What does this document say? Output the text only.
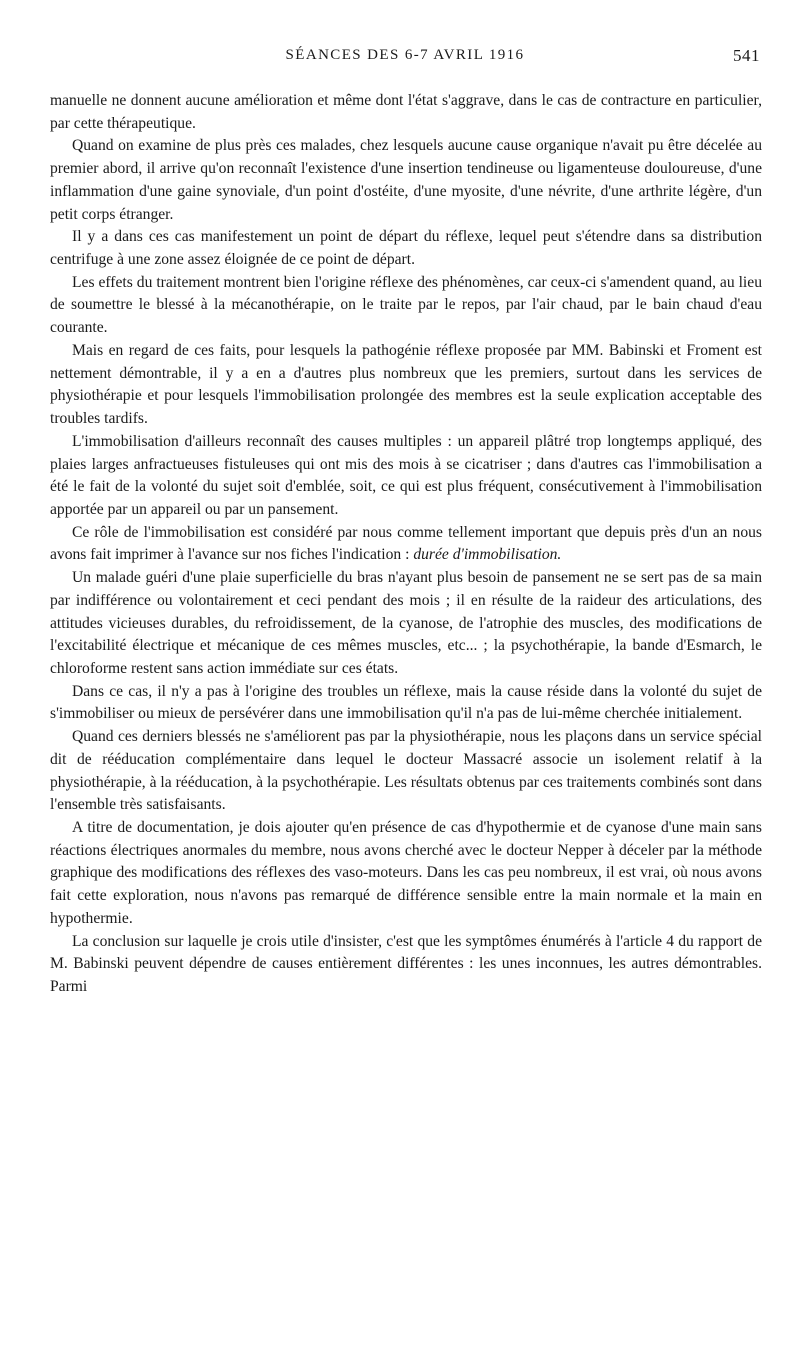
SÉANCES DES 6-7 AVRIL 1916	541

manuelle ne donnent aucune amélioration et même dont l'état s'aggrave, dans le cas de contracture en particulier, par cette thérapeutique.

Quand on examine de plus près ces malades, chez lesquels aucune cause organique n'avait pu être décelée au premier abord, il arrive qu'on reconnaît l'existence d'une insertion tendineuse ou ligamenteuse douloureuse, d'une inflammation d'une gaine synoviale, d'un point d'ostéite, d'une myosite, d'une névrite, d'une arthrite légère, d'un petit corps étranger.

Il y a dans ces cas manifestement un point de départ du réflexe, lequel peut s'étendre dans sa distribution centrifuge à une zone assez éloignée de ce point de départ.

Les effets du traitement montrent bien l'origine réflexe des phénomènes, car ceux-ci s'amendent quand, au lieu de soumettre le blessé à la mécanothérapie, on le traite par le repos, par l'air chaud, par le bain chaud d'eau courante.

Mais en regard de ces faits, pour lesquels la pathogénie réflexe proposée par MM. Babinski et Froment est nettement démontrable, il y a en a d'autres plus nombreux que les premiers, surtout dans les services de physiothérapie et pour lesquels l'immobilisation prolongée des membres est la seule explication acceptable des troubles tardifs.

L'immobilisation d'ailleurs reconnaît des causes multiples : un appareil plâtré trop longtemps appliqué, des plaies larges anfractueuses fistuleuses qui ont mis des mois à se cicatriser ; dans d'autres cas l'immobilisation a été le fait de la volonté du sujet soit d'emblée, soit, ce qui est plus fréquent, consécutivement à l'immobilisation apportée par un appareil ou par un pansement.

Ce rôle de l'immobilisation est considéré par nous comme tellement important que depuis près d'un an nous avons fait imprimer à l'avance sur nos fiches l'indication : durée d'immobilisation.

Un malade guéri d'une plaie superficielle du bras n'ayant plus besoin de pansement ne se sert pas de sa main par indifférence ou volontairement et ceci pendant des mois ; il en résulte de la raideur des articulations, des attitudes vicieuses durables, du refroidissement, de la cyanose, de l'atrophie des muscles, des modifications de l'excitabilité électrique et mécanique de ces mêmes muscles, etc... ; la psychothérapie, la bande d'Esmarch, le chloroforme restent sans action immédiate sur ces états.

Dans ce cas, il n'y a pas à l'origine des troubles un réflexe, mais la cause réside dans la volonté du sujet de s'immobiliser ou mieux de persévérer dans une immobilisation qu'il n'a pas de lui-même cherchée initialement.

Quand ces derniers blessés ne s'améliorent pas par la physiothérapie, nous les plaçons dans un service spécial dit de rééducation complémentaire dans lequel le docteur Massacré associe un isolement relatif à la physiothérapie, à la rééducation, à la psychothérapie. Les résultats obtenus par ces traitements combinés sont dans l'ensemble très satisfaisants.

A titre de documentation, je dois ajouter qu'en présence de cas d'hypothermie et de cyanose d'une main sans réactions électriques anormales du membre, nous avons cherché avec le docteur Nepper à déceler par la méthode graphique des modifications des réflexes des vaso-moteurs. Dans les cas peu nombreux, il est vrai, où nous avons fait cette exploration, nous n'avons pas remarqué de différence sensible entre la main normale et la main en hypothermie.

La conclusion sur laquelle je crois utile d'insister, c'est que les symptômes énumérés à l'article 4 du rapport de M. Babinski peuvent dépendre de causes entièrement différentes : les unes inconnues, les autres démontrables. Parmi
